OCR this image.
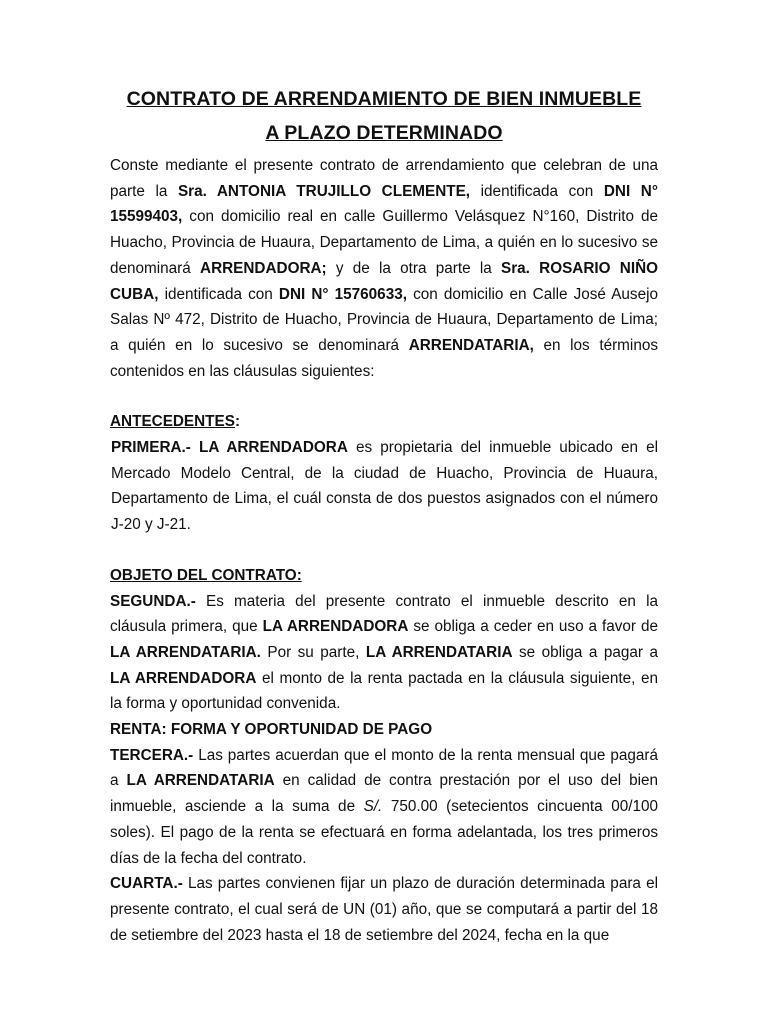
CONTRATO DE ARRENDAMIENTO DE BIEN INMUEBLE
A PLAZO DETERMINADO

Conste mediante el presente contrato de arrendamiento que celebran de una parte la Sra. ANTONIA TRUJILLO CLEMENTE, identificada con DNI N° 15599403, con domicilio real en calle Guillermo Velásquez N°160, Distrito de Huacho, Provincia de Huaura, Departamento de Lima, a quién en lo sucesivo se denominará ARRENDADORA; y de la otra parte la Sra. ROSARIO NIÑO CUBA, identificada con DNI N° 15760633, con domicilio en Calle José Ausejo Salas Nº 472, Distrito de Huacho, Provincia de Huaura, Departamento de Lima; a quién en lo sucesivo se denominará ARRENDATARIA, en los términos contenidos en las cláusulas siguientes:

ANTECEDENTES:

PRIMERA.- LA ARRENDADORA es propietaria del inmueble ubicado en el Mercado Modelo Central, de la ciudad de Huacho, Provincia de Huaura, Departamento de Lima, el cuál consta de dos puestos asignados con el número J-20 y J-21.

OBJETO DEL CONTRATO:

SEGUNDA.- Es materia del presente contrato el inmueble descrito en la cláusula primera, que LA ARRENDADORA se obliga a ceder en uso a favor de LA ARRENDATARIA. Por su parte, LA ARRENDATARIA se obliga a pagar a LA ARRENDADORA el monto de la renta pactada en la cláusula siguiente, en la forma y oportunidad convenida.

RENTA: FORMA Y OPORTUNIDAD DE PAGO

TERCERA.- Las partes acuerdan que el monto de la renta mensual que pagará a LA ARRENDATARIA en calidad de contra prestación por el uso del bien inmueble, asciende a la suma de S/. 750.00 (setecientos cincuenta 00/100 soles). El pago de la renta se efectuará en forma adelantada, los tres primeros días de la fecha del contrato.

CUARTA.- Las partes convienen fijar un plazo de duración determinada para el presente contrato, el cual será de UN (01) año, que se computará a partir del 18 de setiembre del 2023 hasta el 18 de setiembre del 2024, fecha en la que
